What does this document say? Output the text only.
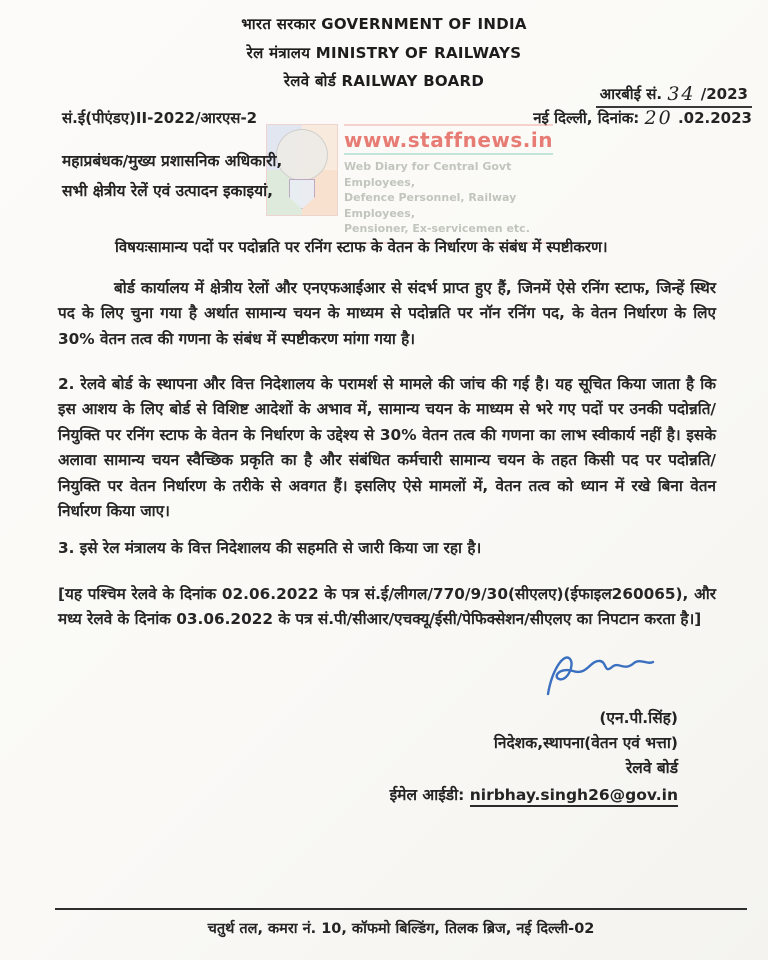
भारत सरकार GOVERNMENT OF INDIA
रेल मंत्रालय MINISTRY OF RAILWAYS
रेलवे बोर्ड RAILWAY BOARD
आरबीई सं. 34 /2023
सं.ई(पीएंडए)II-2022/आरएस-2	नई दिल्ली, दिनांक: 20 .02.2023
www.staffnews.in
Web Diary for Central Govt Employees,
Defence Personnel, Railway Employees,
Pensioner, Ex-servicemen etc.
महाप्रबंधक/मुख्य प्रशासनिक अधिकारी,
सभी क्षेत्रीय रेलें एवं उत्पादन इकाइयां,
विषयःसामान्य पदों पर पदोन्नति पर रनिंग स्टाफ के वेतन के निर्धारण के संबंध में स्पष्टीकरण।
बोर्ड कार्यालय में क्षेत्रीय रेलों और एनएफआईआर से संदर्भ प्राप्त हुए हैं, जिनमें ऐसे रनिंग स्टाफ, जिन्हें स्थिर पद के लिए चुना गया है अर्थात सामान्य चयन के माध्यम से पदोन्नति पर नॉन रनिंग पद, के वेतन निर्धारण के लिए 30% वेतन तत्व की गणना के संबंध में स्पष्टीकरण मांगा गया है।
2. रेलवे बोर्ड के स्थापना और वित्त निदेशालय के परामर्श से मामले की जांच की गई है। यह सूचित किया जाता है कि इस आशय के लिए बोर्ड से विशिष्ट आदेशों के अभाव में, सामान्य चयन के माध्यम से भरे गए पदों पर उनकी पदोन्नति/नियुक्ति पर रनिंग स्टाफ के वेतन के निर्धारण के उद्देश्य से 30% वेतन तत्व की गणना का लाभ स्वीकार्य नहीं है। इसके अलावा सामान्य चयन स्वैच्छिक प्रकृति का है और संबंधित कर्मचारी सामान्य चयन के तहत किसी पद पर पदोन्नति/नियुक्ति पर वेतन निर्धारण के तरीके से अवगत हैं। इसलिए ऐसे मामलों में, वेतन तत्व को ध्यान में रखे बिना वेतन निर्धारण किया जाए।
3. इसे रेल मंत्रालय के वित्त निदेशालय की सहमति से जारी किया जा रहा है।
[यह पश्चिम रेलवे के दिनांक 02.06.2022 के पत्र सं.ई/लीगल/770/9/30(सीएलए)(ईफाइल260065), और मध्य रेलवे के दिनांक 03.06.2022 के पत्र सं.पी/सीआर/एचक्यू/ईसी/पेफिक्सेशन/सीएलए का निपटान करता है।]
(एन.पी.सिंह)
निदेशक,स्थापना(वेतन एवं भत्ता)
रेलवे बोर्ड
ईमेल आईडी: nirbhay.singh26@gov.in
चतुर्थ तल, कमरा नं. 10, कॉफमो बिल्डिंग, तिलक ब्रिज, नई दिल्ली-02
